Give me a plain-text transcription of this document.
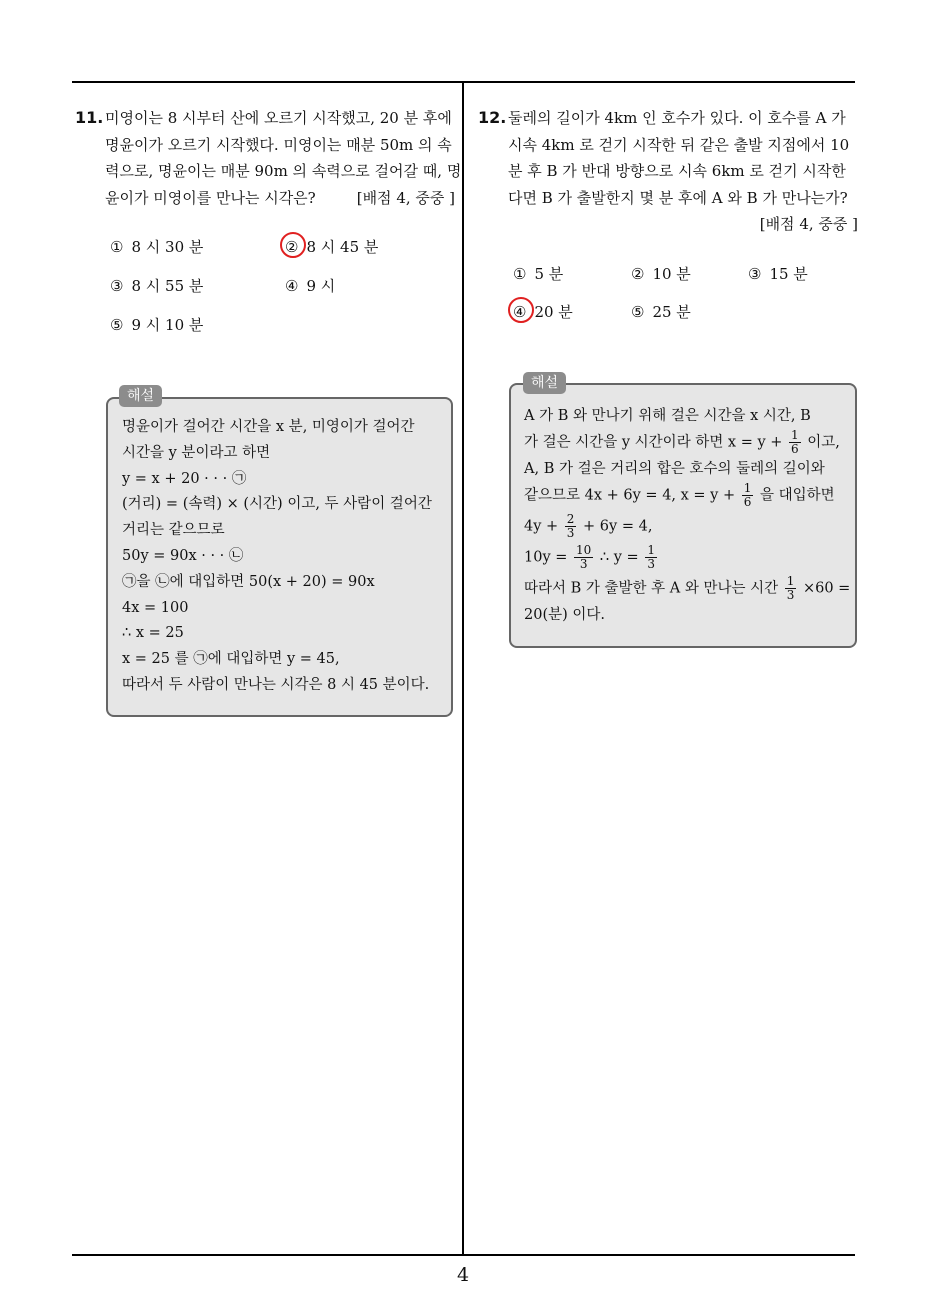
11. 미영이는 8 시부터 산에 오르기 시작했고, 20 분 후에
명윤이가 오르기 시작했다. 미영이는 매분 50m 의 속
력으로, 명윤이는 매분 90m 의 속력으로 걸어갈 때, 명
윤이가 미영이를 만나는 시각은?	[배점 4, 중중 ]
① 8 시 30 분	② 8 시 45 분
③ 8 시 55 분	④ 9 시
⑤ 9 시 10 분
명윤이가 걸어간 시간을 x 분, 미영이가 걸어간
시간을 y 분이라고 하면
y = x + 20 · · · ㉠
(거리) = (속력) × (시간) 이고, 두 사람이 걸어간
거리는 같으므로
50y = 90x · · · ㉡
㉠을 ㉡에 대입하면 50(x + 20) = 90x
4x = 100
∴ x = 25
x = 25 를 ㉠에 대입하면 y = 45,
따라서 두 사람이 만나는 시각은 8 시 45 분이다.
해설
12. 둘레의 길이가 4km 인 호수가 있다. 이 호수를 A 가
시속 4km 로 걷기 시작한 뒤 같은 출발 지점에서 10
분 후 B 가 반대 방향으로 시속 6km 로 걷기 시작한
다면 B 가 출발한지 몇 분 후에 A 와 B 가 만나는가?
[배점 4, 중중 ]
① 5 분	② 10 분	③ 15 분
④ 20 분	⑤ 25 분
A 가 B 와 만나기 위해 걸은 시간을 x 시간, B
가 걸은 시간을 y 시간이라 하면 $x = y + \frac{1}{6}$ 이고,
A, B 가 걸은 거리의 합은 호수의 둘레의 길이와
같으므로 4x + 6y = 4, $x = y + \frac{1}{6}$ 을 대입하면
$4y + \frac{2}{3} + 6y = 4$,
$10y = \frac{10}{3}$ ∴ $y = \frac{1}{3}$
따라서 B 가 출발한 후 A 와 만나는 시간 $\frac{1}{3} \times 60$ =
20(분) 이다.
해설
4
